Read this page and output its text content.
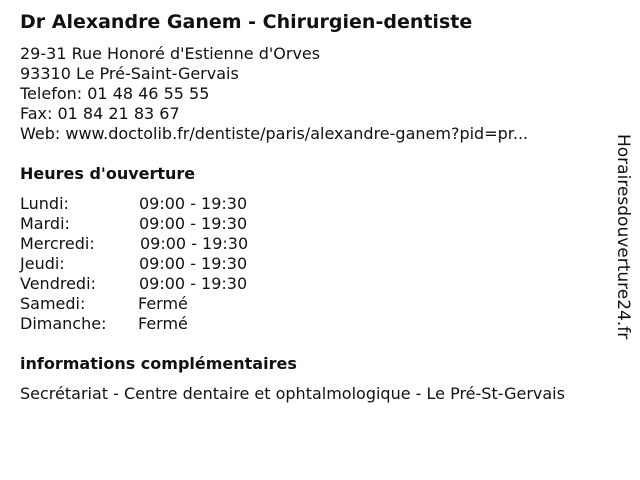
Dr Alexandre Ganem - Chirurgien-dentiste
29-31 Rue Honoré d'Estienne d'Orves
93310 Le Pré-Saint-Gervais
Telefon: 01 48 46 55 55
Fax: 01 84 21 83 67
Web: www.doctolib.fr/dentiste/paris/alexandre-ganem?pid=pr...
Heures d'ouverture
Lundi:	09:00 - 19:30
Mardi:	09:00 - 19:30
Mercredi:	09:00 - 19:30
Jeudi:	09:00 - 19:30
Vendredi:	09:00 - 19:30
Samedi:	Fermé
Dimanche: Fermé
informations complémentaires
Secrétariat - Centre dentaire et ophtalmologique - Le Pré-St-Gervais
Horairesdouverture24.fr
